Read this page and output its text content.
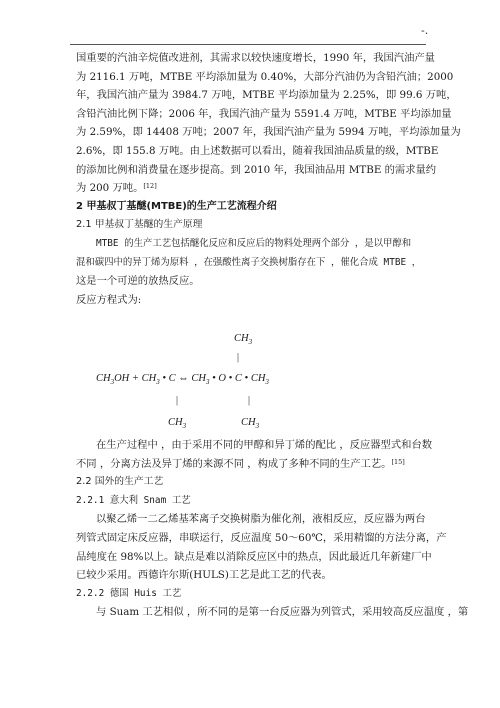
-.
国重要的汽油辛烷值改进剂，其需求以较快速度增长，1990 年，我国汽油产量
为 2116.1 万吨，MTBE 平均添加量为 0.40%，大部分汽油仍为含铅汽油；2000
年，我国汽油产量为 3984.7 万吨，MTBE 平均添加量为 2.25%，即 99.6 万吨，
含铅汽油比例下降；2006 年，我国汽油产量为 5591.4 万吨，MTBE 平均添加量
为 2.59%，即 14408 万吨；2007 年，我国汽油产量为 5994 万吨，平均添加量为
2.6%，即 155.8 万吨。由上述数据可以看出，随着我国油品质量的级，MTBE
的添加比例和消费量在逐步提高。到 2010 年，我国油品用 MTBE 的需求量约
为 200 万吨。[12]
2 甲基叔丁基醚(MTBE)的生产工艺流程介绍
2.1 甲基叔丁基醚的生产原理
MTBE 的生产工艺包括醚化反应和反应后的物料处理两个部分 ，是以甲醇和
混和碳四中的异丁烯为原料 ，在强酸性离子交换树脂存在下 ，催化合成 MTBE ，
这是一个可逆的放热反应。
反应方程式为:
$CH_3$
|
$CH_3OH + CH_3$ • C ⇔ $CH_3$ • O • C • $CH_3$
|	|
$CH_3$	$CH_3$
在生产过程中 ，由于采用不同的甲醇和异丁烯的配比 ，反应器型式和台数
不同 ，分离方法及异丁烯的来源不同 ，构成了多种不同的生产工艺。[15]
2.2 国外的生产工艺
2.2.1 意大利 Snam 工艺
以聚乙烯一二乙烯基苯离子交换树脂为催化剂，液相反应，反应器为两台
列管式固定床反应器，串联运行，反应温度 50～60℃，采用精馏的方法分离，产
品纯度在 98%以上。缺点是难以消除反应区中的热点，因此最近几年新建厂中
已较少采用。西德许尔斯(HULS)工艺是此工艺的代表。
2.2.2 德国 Huis 工艺
与 Suam 工艺相似 ，所不同的是第一台反应器为列管式，采用较高反应温度 ，第
